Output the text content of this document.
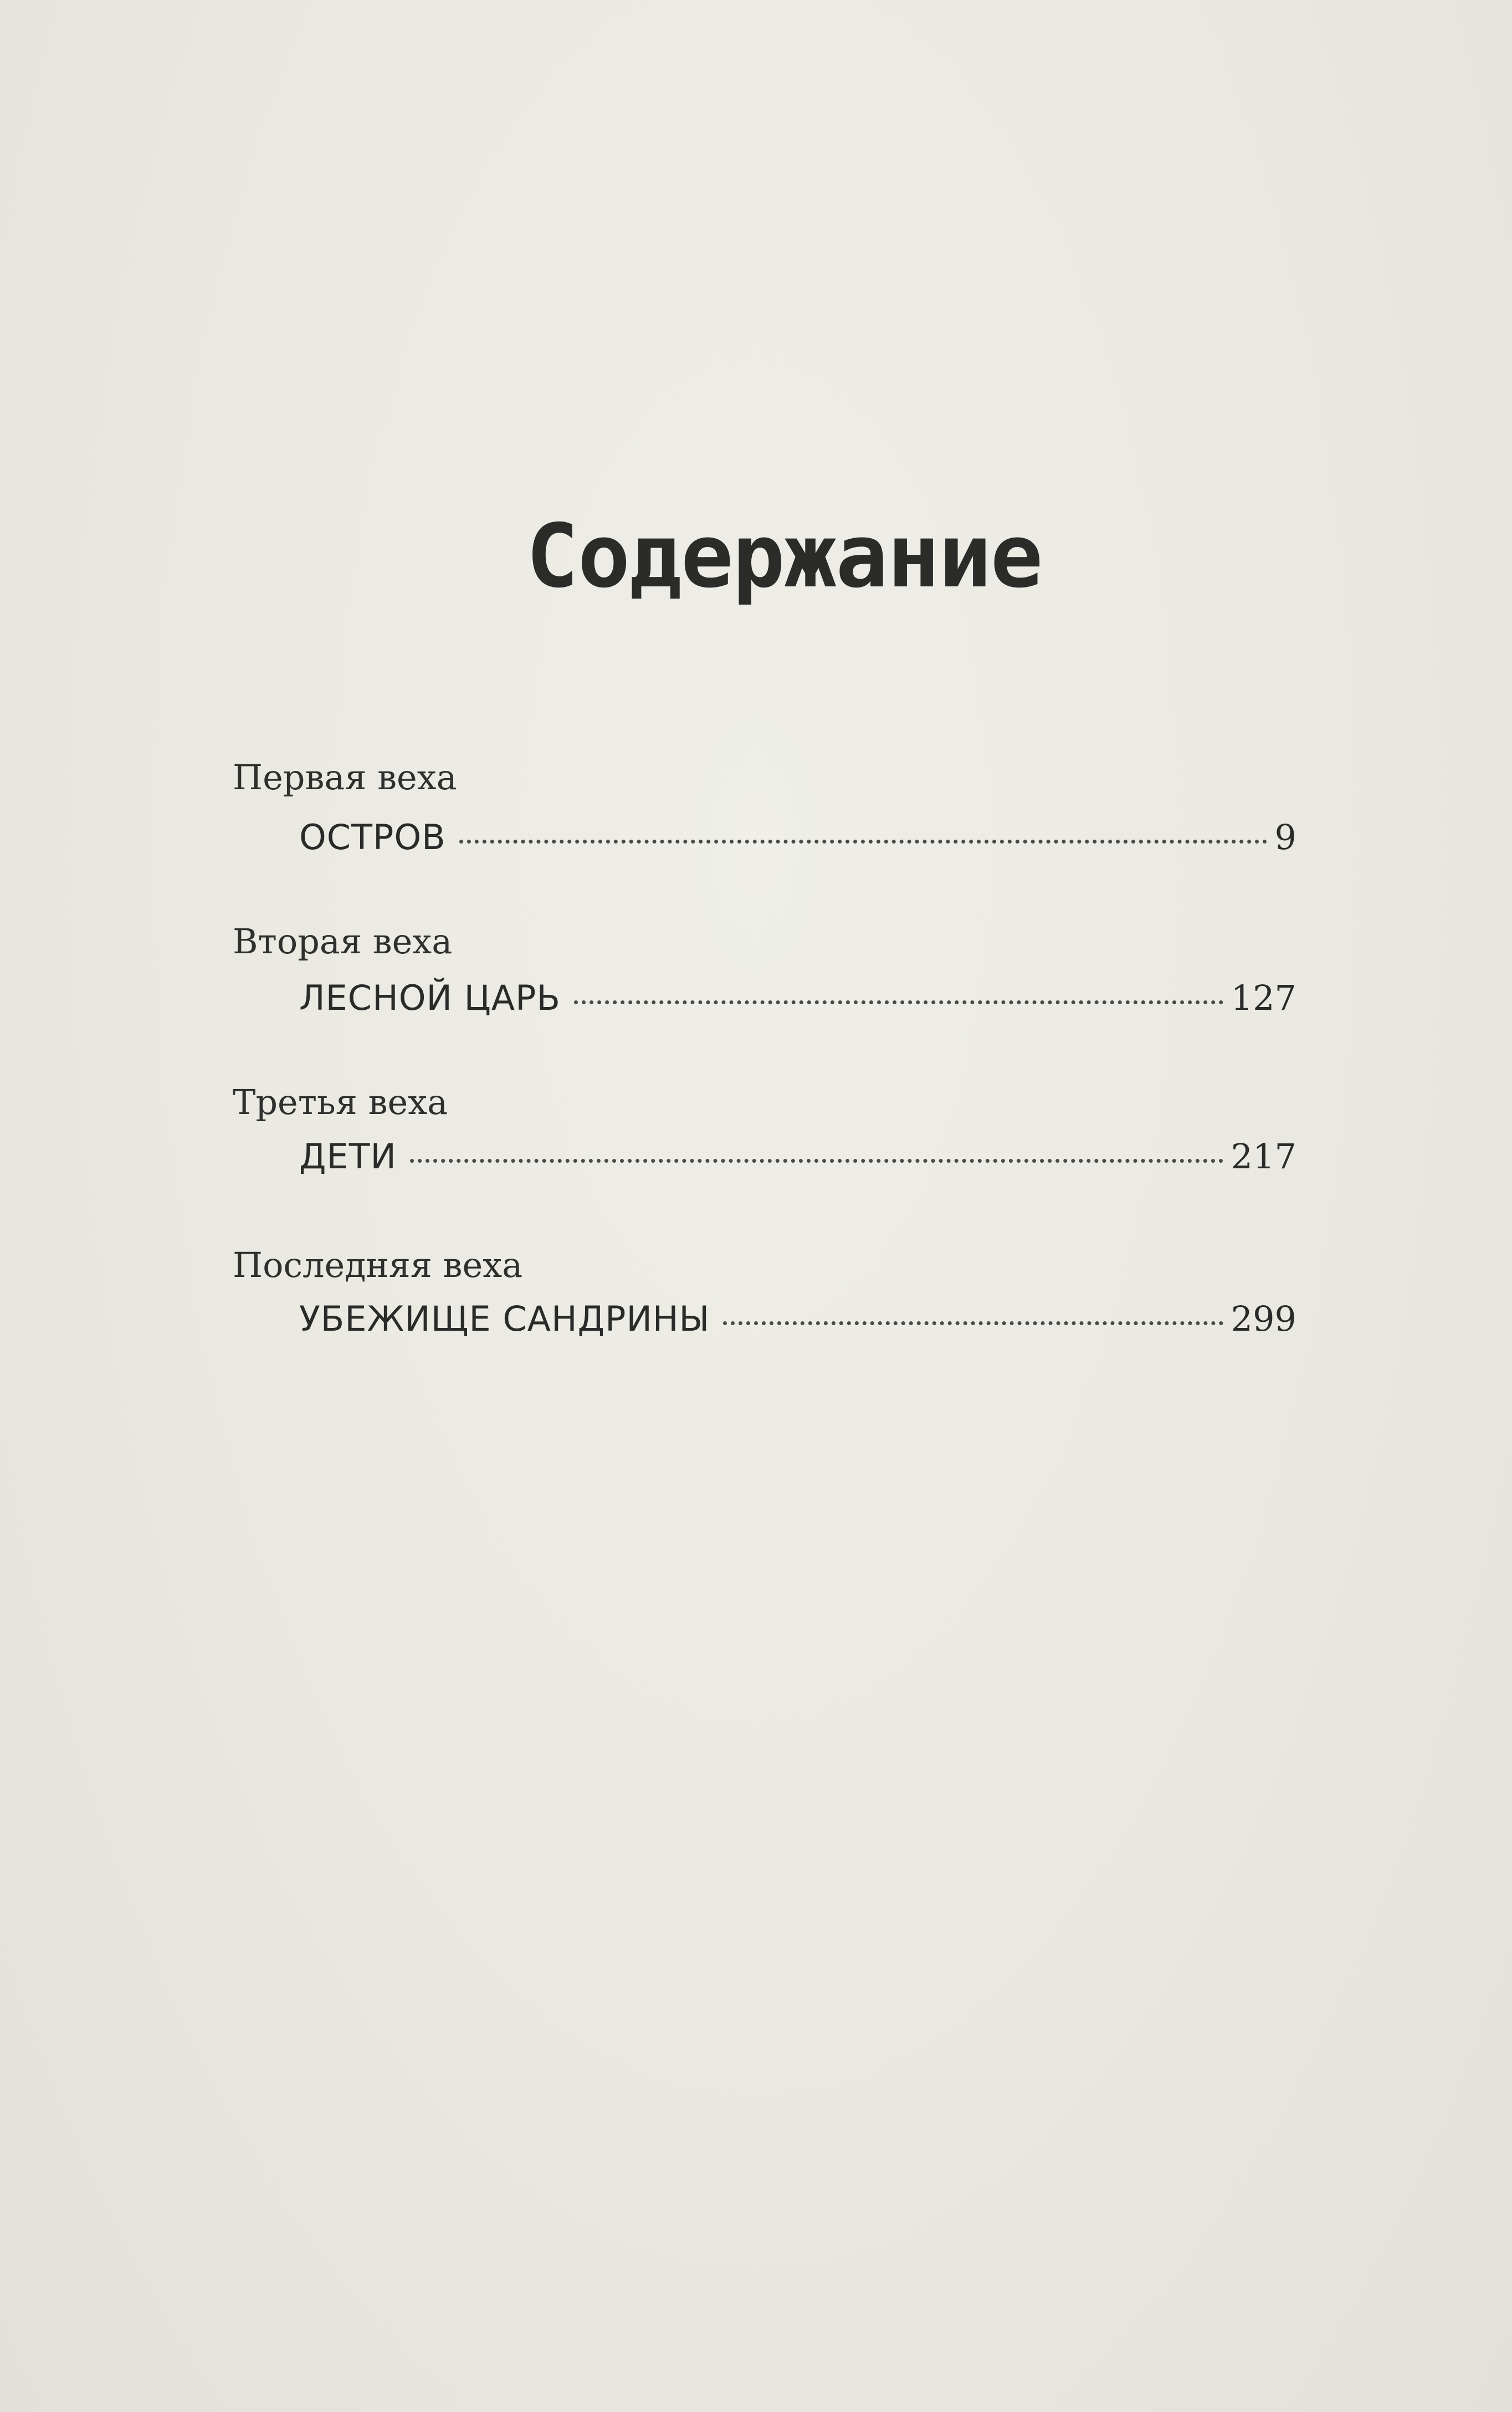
Содержание
Первая веха
ОСТРОВ	9
Вторая веха
ЛЕСНОЙ ЦАРЬ	127
Третья веха
ДЕТИ	217
Последняя веха
УБЕЖИЩЕ САНДРИНЫ	299
